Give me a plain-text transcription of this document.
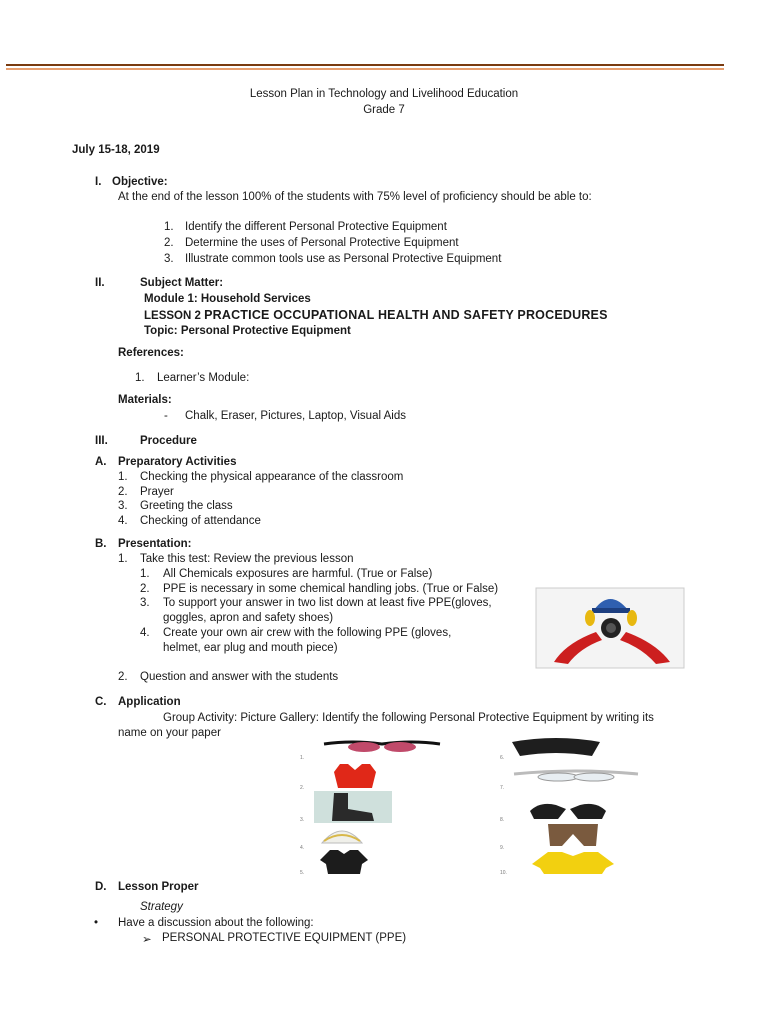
Lesson Plan in Technology and Livelihood Education
Grade 7
July 15-18, 2019
I. Objective:
At the end of the lesson 100% of the students with 75% level of proficiency should be able to:
1. Identify the different Personal Protective Equipment
2. Determine the uses of Personal Protective Equipment
3. Illustrate common tools use as Personal Protective Equipment
II.	Subject Matter:
Module 1: Household Services
LESSON 2 PRACTICE OCCUPATIONAL HEALTH AND SAFETY PROCEDURES
Topic: Personal Protective Equipment
References:
1. Learner’s Module:
Materials:
- Chalk, Eraser, Pictures, Laptop, Visual Aids
III.	Procedure
A. Preparatory Activities
1. Checking the physical appearance of the classroom
2. Prayer
3. Greeting the class
4. Checking of attendance
B. Presentation:
1. Take this test: Review the previous lesson
1. All Chemicals exposures are harmful. (True or False)
2. PPE is necessary in some chemical handling jobs. (True or False)
3. To support your answer in two list down at least five PPE(gloves,
goggles, apron and safety shoes)
4. Create your own air crew with the following PPE (gloves,
helmet, ear plug and mouth piece)
2. Question and answer with the students
C. Application
Group Activity: Picture Gallery: Identify the following Personal Protective Equipment by writing its
name on your paper
1.
2.
3.
4.
5.
6.
7.
8.
9.
10.
D. Lesson Proper
Strategy
• Have a discussion about the following:
➢ PERSONAL PROTECTIVE EQUIPMENT (PPE)
